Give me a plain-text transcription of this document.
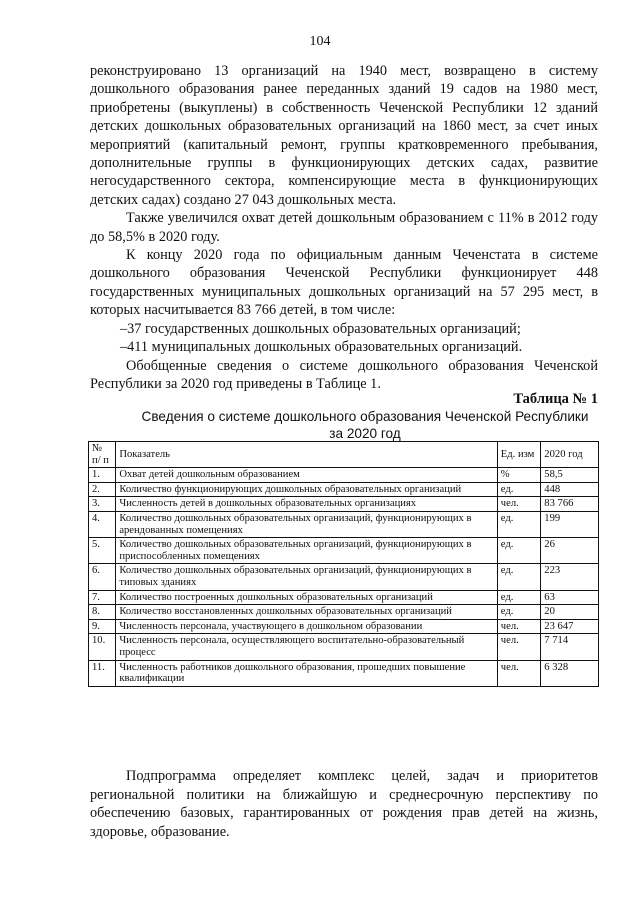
104

реконструировано 13 организаций на 1940 мест, возвращено в систему дошкольного образования ранее переданных зданий 19 садов на 1980 мест, приобретены (выкуплены) в собственность Чеченской Республики 12 зданий детских дошкольных образовательных организаций на 1860 мест, за счет иных мероприятий (капитальный ремонт, группы кратковременного пребывания, дополнительные группы в функционирующих детских садах, развитие негосударственного сектора, компенсирующие места в функционирующих детских садах) создано 27 043 дошкольных места.

Также увеличился охват детей дошкольным образованием с 11% в 2012 году до 58,5% в 2020 году.

К концу 2020 года по официальным данным Чеченстата в системе дошкольного образования Чеченской Республики функционирует 448 государственных муниципальных дошкольных организаций на 57 295 мест, в которых насчитывается 83 766 детей, в том числе:

–37 государственных дошкольных образовательных организаций;

–411 муниципальных дошкольных образовательных организаций.

Обобщенные сведения о системе дошкольного образования Чеченской Республики за 2020 год приведены в Таблице 1.

Таблица № 1
Сведения о системе дошкольного образования Чеченской Республики
за 2020 год
№ п/ п	Показатель	Ед. изм	2020 год
1.	Охват детей дошкольным образованием	%	58,5
2.	Количество функционирующих дошкольных образовательных организаций	ед.	448
3.	Численность детей в дошкольных образовательных организациях	чел.	83 766
4.	Количество дошкольных образовательных организаций, функционирующих в арендованных помещениях	ед.	199
5.	Количество дошкольных образовательных организаций, функционирующих в приспособленных помещениях	ед.	26
6.	Количество дошкольных образовательных организаций, функционирующих в типовых зданиях	ед.	223
7.	Количество построенных дошкольных образовательных организаций	ед.	63
8.	Количество восстановленных дошкольных образовательных организаций	ед.	20
9.	Численность персонала, участвующего в дошкольном образовании	чел.	23 647
10.	Численность персонала, осуществляющего воспитательно-образовательный процесс	чел.	7 714
11.	Численность работников дошкольного образования, прошедших повышение квалификации	чел.	6 328

Подпрограмма определяет комплекс целей, задач и приоритетов региональной политики на ближайшую и среднесрочную перспективу по обеспечению базовых, гарантированных от рождения прав детей на жизнь, здоровье, образование.
